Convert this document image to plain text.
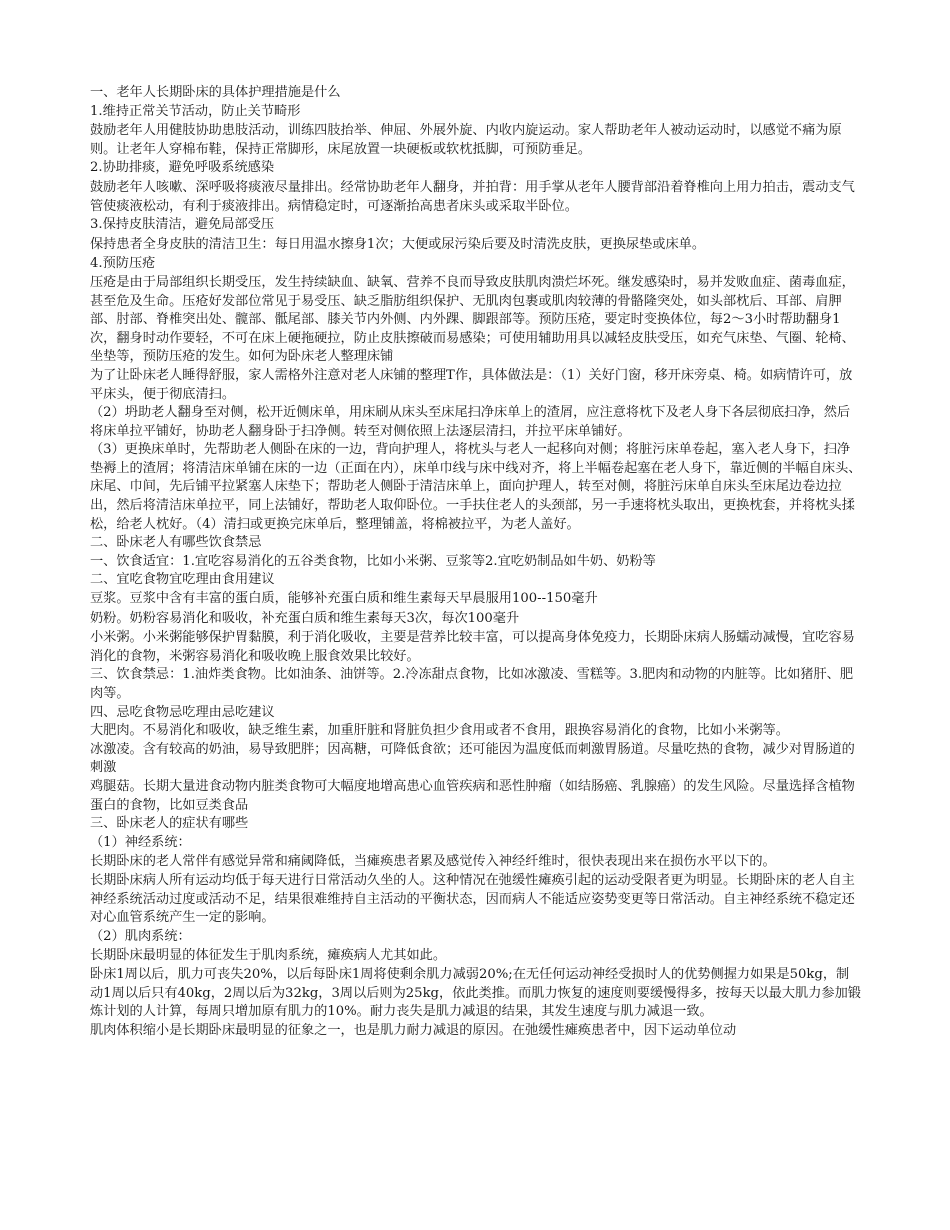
一、老年人长期卧床的具体护理措施是什么

1.维持正常关节活动，防止关节畸形

鼓励老年人用健肢协助患肢活动，训练四肢抬举、伸屈、外展外旋、内收内旋运动。家人帮助老年人被动运动时，以感觉不痛为原则。让老年人穿棉布鞋，保持正常脚形，床尾放置一块硬板或软枕抵脚，可预防垂足。

2.协助排痰，避免呼吸系统感染

鼓励老年人咳嗽、深呼吸将痰液尽量排出。经常协助老年人翻身，并拍背：用手掌从老年人腰背部沿着脊椎向上用力拍击，震动支气管使痰液松动，有利于痰液排出。病情稳定时，可逐渐抬高患者床头或采取半卧位。

3.保持皮肤清洁，避免局部受压

保持患者全身皮肤的清洁卫生：每日用温水擦身1次；大便或尿污染后要及时清洗皮肤，更换尿垫或床单。

4.预防压疮

压疮是由于局部组织长期受压，发生持续缺血、缺氧、营养不良而导致皮肤肌肉溃烂坏死。继发感染时，易并发败血症、菌毒血症，甚至危及生命。压疮好发部位常见于易受压、缺乏脂肪组织保护、无肌肉包裹或肌肉较薄的骨骼隆突处，如头部枕后、耳部、肩胛部、肘部、脊椎突出处、髋部、骶尾部、膝关节内外侧、内外踝、脚跟部等。预防压疮，要定时变换体位，每2～3小时帮助翻身1次，翻身时动作要轻，不可在床上硬拖硬拉，防止皮肤擦破而易感染；可使用辅助用具以减轻皮肤受压，如充气床垫、气圈、轮椅、坐垫等，预防压疮的发生。如何为卧床老人整理床铺

为了让卧床老人睡得舒服，家人需格外注意对老人床铺的整理T作，具体做法是：（1）关好门窗，移开床旁桌、椅。如病情许可，放平床头，便于彻底清扫。

（2）坍助老人翻身至对侧，松开近侧床单，用床刷从床头至床尾扫净床单上的渣屑，应注意将枕下及老人身下各层彻底扫净，然后将床单拉平铺好，协助老人翻身卧于扫净侧。转至对侧依照上法逐层清扫，并拉平床单铺好。

（3）更换床单时，先帮助老人侧卧在床的一边，背向护理人，将枕头与老人一起移向对侧；将脏污床单卷起，塞入老人身下，扫净垫褥上的渣屑；将清洁床单铺在床的一边（正面在内），床单巾线与床中线对齐，将上半幅卷起塞在老人身下，靠近侧的半幅自床头、床尾、巾间，先后铺平拉紧塞人床垫下；帮助老人侧卧于清洁床单上，面向护理人，转至对侧，将脏污床单自床头至床尾边卷边拉出，然后将清洁床单拉平，同上法铺好，帮助老人取仰卧位。一手扶住老人的头颈部，另一手速将枕头取出，更换枕套，并将枕头揉松，给老人枕好。（4）清扫或更换完床单后，整理铺盖，将棉被拉平，为老人盖好。

二、卧床老人有哪些饮食禁忌

一、饮食适宜：1.宜吃容易消化的五谷类食物，比如小米粥、豆浆等2.宜吃奶制品如牛奶、奶粉等

二、宜吃食物宜吃理由食用建议

豆浆。豆浆中含有丰富的蛋白质，能够补充蛋白质和维生素每天早晨服用100--150毫升

奶粉。奶粉容易消化和吸收，补充蛋白质和维生素每天3次，每次100毫升

小米粥。小米粥能够保护胃黏膜，利于消化吸收，主要是营养比较丰富，可以提高身体免疫力，长期卧床病人肠蠕动减慢，宜吃容易消化的食物，米粥容易消化和吸收晚上服食效果比较好。

三、饮食禁忌：1.油炸类食物。比如油条、油饼等。2.冷冻甜点食物，比如冰激凌、雪糕等。3.肥肉和动物的内脏等。比如猪肝、肥肉等。

四、忌吃食物忌吃理由忌吃建议

大肥肉。不易消化和吸收，缺乏维生素，加重肝脏和肾脏负担少食用或者不食用，跟换容易消化的食物，比如小米粥等。

冰激凌。含有较高的奶油，易导致肥胖；因高糖，可降低食欲；还可能因为温度低而刺激胃肠道。尽量吃热的食物，减少对胃肠道的刺激

鸡腿菇。长期大量进食动物内脏类食物可大幅度地增高患心血管疾病和恶性肿瘤（如结肠癌、乳腺癌）的发生风险。尽量选择含植物蛋白的食物，比如豆类食品

三、卧床老人的症状有哪些

（1）神经系统：

长期卧床的老人常伴有感觉异常和痛阈降低，当瘫痪患者累及感觉传入神经纤维时，很快表现出来在损伤水平以下的。

长期卧床病人所有运动均低于每天进行日常活动久坐的人。这种情况在弛缓性瘫痪引起的运动受限者更为明显。长期卧床的老人自主神经系统活动过度或活动不足，结果很难维持自主活动的平衡状态，因而病人不能适应姿势变更等日常活动。自主神经系统不稳定还对心血管系统产生一定的影响。

（2）肌肉系统：

长期卧床最明显的体征发生于肌肉系统，瘫痪病人尤其如此。

卧床1周以后，肌力可丧失20%，以后每卧床1周将使剩余肌力减弱20%;在无任何运动神经受损时人的优势侧握力如果是50kg，制动1周以后只有40kg，2周以后为32kg，3周以后则为25kg，依此类推。而肌力恢复的速度则要缓慢得多，按每天以最大肌力参加锻炼计划的人计算，每周只增加原有肌力的10%。耐力丧失是肌力减退的结果，其发生速度与肌力减退一致。

肌肉体积缩小是长期卧床最明显的征象之一，也是肌力耐力减退的原因。在弛缓性瘫痪患者中，因下运动单位动
